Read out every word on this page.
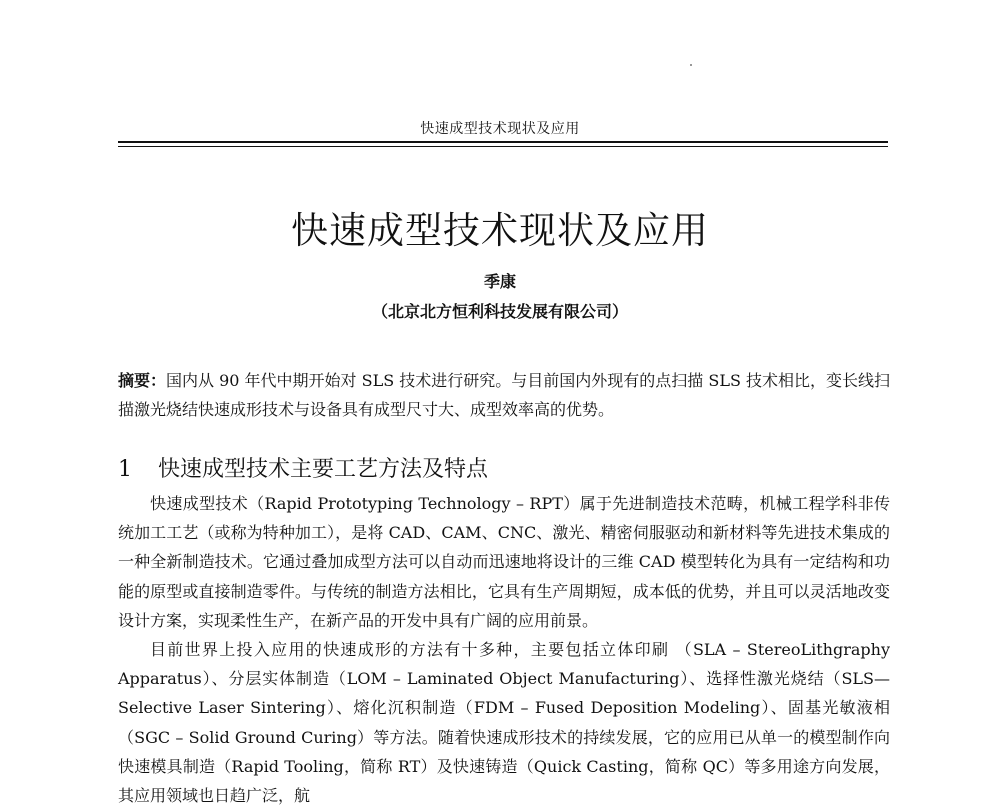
快速成型技术现状及应用
快速成型技术现状及应用
季康
（北京北方恒利科技发展有限公司）
摘要：国内从 90 年代中期开始对 SLS 技术进行研究。与目前国内外现有的点扫描 SLS 技术相比，变长线扫描激光烧结快速成形技术与设备具有成型尺寸大、成型效率高的优势。
1 快速成型技术主要工艺方法及特点

快速成型技术（Rapid Prototyping Technology – RPT）属于先进制造技术范畴，机械工程学科非传统加工工艺（或称为特种加工），是将 CAD、CAM、CNC、激光、精密伺服驱动和新材料等先进技术集成的一种全新制造技术。它通过叠加成型方法可以自动而迅速地将设计的三维 CAD 模型转化为具有一定结构和功能的原型或直接制造零件。与传统的制造方法相比，它具有生产周期短，成本低的优势，并且可以灵活地改变设计方案，实现柔性生产，在新产品的开发中具有广阔的应用前景。

目前世界上投入应用的快速成形的方法有十多种，主要包括立体印刷 （SLA – StereoLithgraphy Apparatus）、分层实体制造（LOM – Laminated Object Manufacturing）、选择性激光烧结（SLS—Selective Laser Sintering）、熔化沉积制造（FDM – Fused Deposition Modeling）、固基光敏液相 （SGC – Solid Ground Curing）等方法。随着快速成形技术的持续发展，它的应用已从单一的模型制作向快速模具制造（Rapid Tooling，简称 RT）及快速铸造（Quick Casting，简称 QC）等多用途方向发展，其应用领域也日趋广泛，航
